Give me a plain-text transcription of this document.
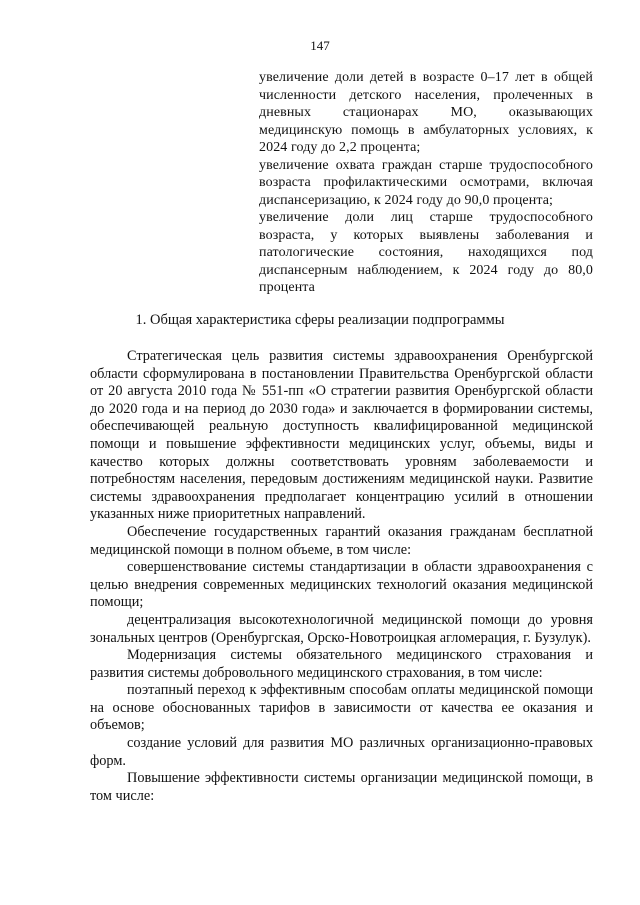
147

увеличение доли детей в возрасте 0–17 лет в общей численности детского населения, пролеченных в дневных стационарах МО, оказывающих медицинскую помощь в амбулаторных условиях, к 2024 году до 2,2 процента;

увеличение охвата граждан старше трудоспособного возраста профилактическими осмотрами, включая диспансеризацию, к 2024 году до 90,0 процента;

увеличение доли лиц старше трудоспособного возраста, у которых выявлены заболевания и патологические состояния, находящихся под диспансерным наблюдением, к 2024 году до 80,0 процента

1. Общая характеристика сферы реализации подпрограммы

Стратегическая цель развития системы здравоохранения Оренбургской области сформулирована в постановлении Правительства Оренбургской области от 20 августа 2010 года № 551-пп «О стратегии развития Оренбургской области до 2020 года и на период до 2030 года» и заключается в формировании системы, обеспечивающей реальную доступность квалифицированной медицинской помощи и повышение эффективности медицинских услуг, объемы, виды и качество которых должны соответствовать уровням заболеваемости и потребностям населения, передовым достижениям медицинской науки. Развитие системы здравоохранения предполагает концентрацию усилий в отношении указанных ниже приоритетных направлений.

Обеспечение государственных гарантий оказания гражданам бесплатной медицинской помощи в полном объеме, в том числе:

совершенствование системы стандартизации в области здравоохранения с целью внедрения современных медицинских технологий оказания медицинской помощи;

децентрализация высокотехнологичной медицинской помощи до уровня зональных центров (Оренбургская, Орско-Новотроицкая агломерация, г. Бузулук).

Модернизация системы обязательного медицинского страхования и развития системы добровольного медицинского страхования, в том числе:

поэтапный переход к эффективным способам оплаты медицинской помощи на основе обоснованных тарифов в зависимости от качества ее оказания и объемов;

создание условий для развития МО различных организационно-правовых форм.

Повышение эффективности системы организации медицинской помощи, в том числе:
